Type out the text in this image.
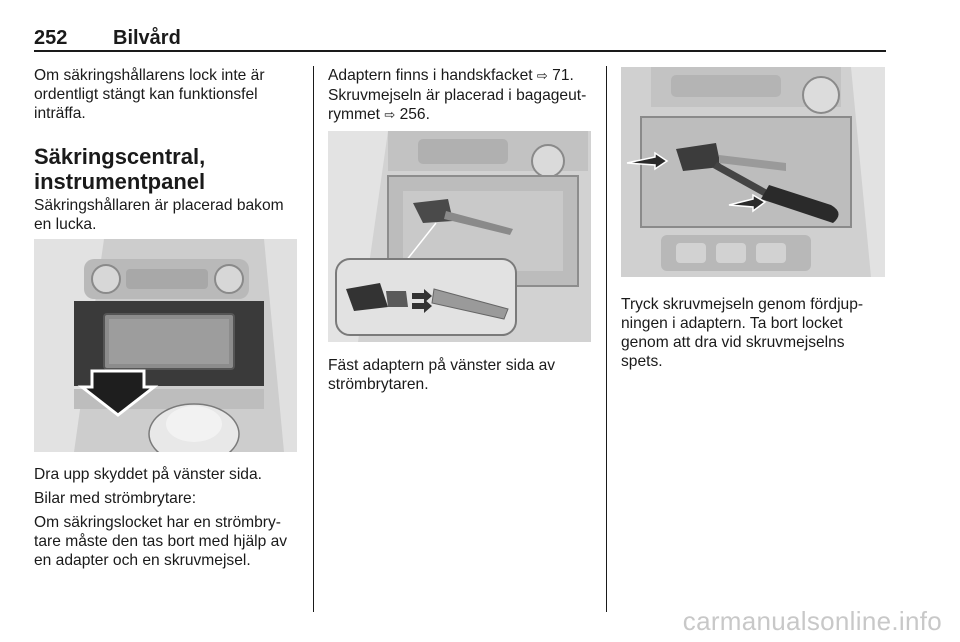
252 Bilvård
Om säkringshållarens lock inte är
ordentligt stängt kan funktionsfel
inträffa.
Säkringscentral,
instrumentpanel
Säkringshållaren är placerad bakom
en lucka.
Dra upp skyddet på vänster sida.
Bilar med strömbrytare:
Om säkringslocket har en strömbry-
tare måste den tas bort med hjälp av
en adapter och en skruvmejsel.
Adaptern finns i handskfacket ⇨ 71.
Skruvmejseln är placerad i bagageut-
rymmet ⇨ 256.
Fäst adaptern på vänster sida av
strömbrytaren.
Tryck skruvmejseln genom fördjup-
ningen i adaptern. Ta bort locket
genom att dra vid skruvmejselns
spets.
carmanualsonline.info
